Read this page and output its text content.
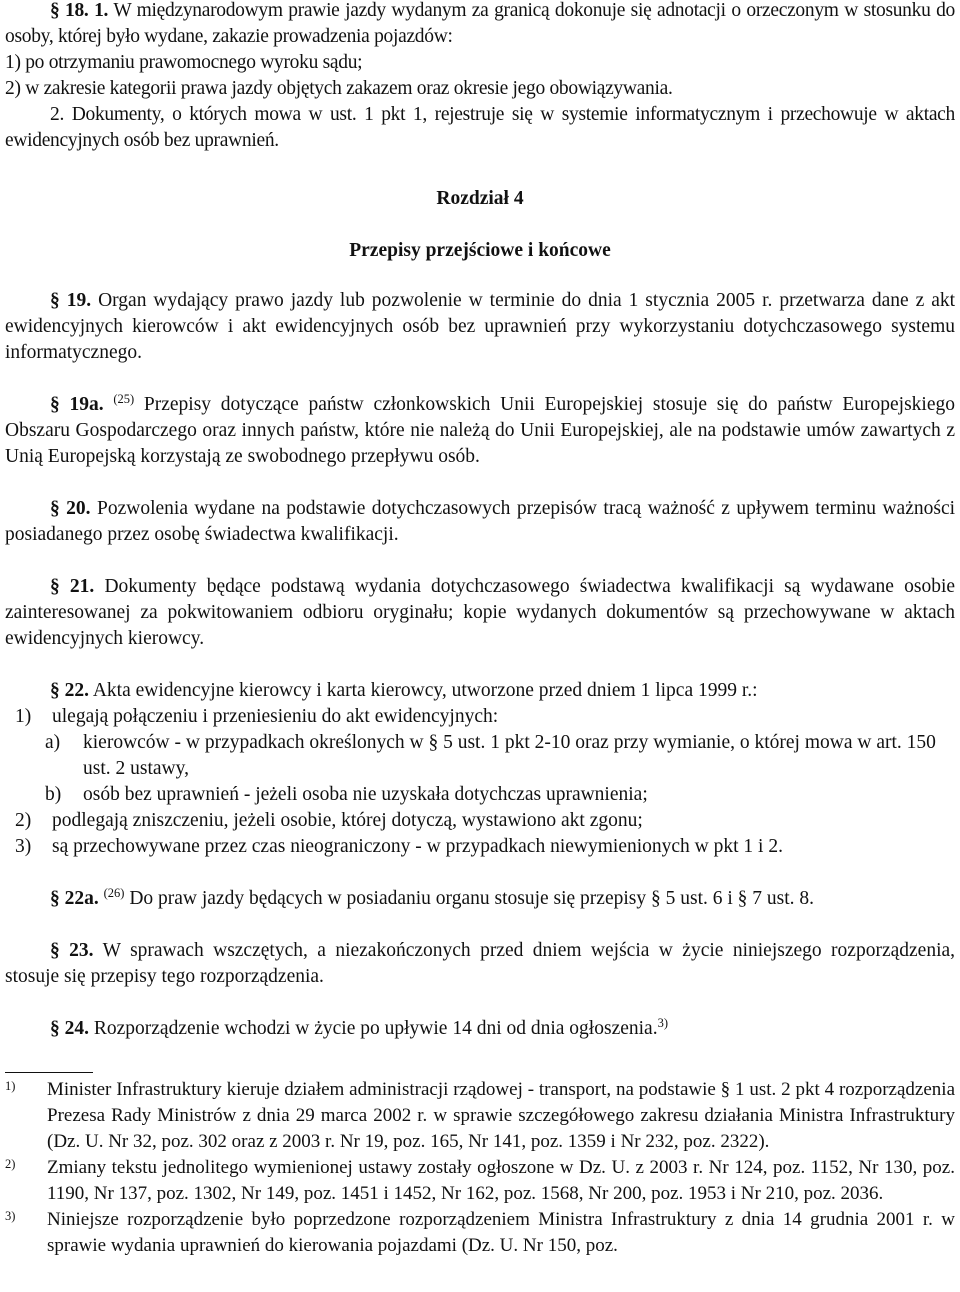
§ 18. 1. W międzynarodowym prawie jazdy wydanym za granicą dokonuje się adnotacji o orzeczonym w stosunku do osoby, której było wydane, zakazie prowadzenia pojazdów:

1) po otrzymaniu prawomocnego wyroku sądu;

2) w zakresie kategorii prawa jazdy objętych zakazem oraz okresie jego obowiązywania.

2. Dokumenty, o których mowa w ust. 1 pkt 1, rejestruje się w systemie informatycznym i przechowuje w aktach ewidencyjnych osób bez uprawnień.

Rozdział 4

Przepisy przejściowe i końcowe

§ 19. Organ wydający prawo jazdy lub pozwolenie w terminie do dnia 1 stycznia 2005 r. przetwarza dane z akt ewidencyjnych kierowców i akt ewidencyjnych osób bez uprawnień przy wykorzystaniu dotychczasowego systemu informatycznego.

§ 19a. $^{(25)}$ Przepisy dotyczące państw członkowskich Unii Europejskiej stosuje się do państw Europejskiego Obszaru Gospodarczego oraz innych państw, które nie należą do Unii Europejskiej, ale na podstawie umów zawartych z Unią Europejską korzystają ze swobodnego przepływu osób.

§ 20. Pozwolenia wydane na podstawie dotychczasowych przepisów tracą ważność z upływem terminu ważności posiadanego przez osobę świadectwa kwalifikacji.

§ 21. Dokumenty będące podstawą wydania dotychczasowego świadectwa kwalifikacji są wydawane osobie zainteresowanej za pokwitowaniem odbioru oryginału; kopie wydanych dokumentów są przechowywane w aktach ewidencyjnych kierowcy.

§ 22. Akta ewidencyjne kierowcy i karta kierowcy, utworzone przed dniem 1 lipca 1999 r.:

1)	ulegają połączeniu i przeniesieniu do akt ewidencyjnych:
a)	kierowców - w przypadkach określonych w § 5 ust. 1 pkt 2-10 oraz przy wymianie, o której mowa w art. 150 ust. 2 ustawy,
b)	osób bez uprawnień - jeżeli osoba nie uzyskała dotychczas uprawnienia;
2)	podlegają zniszczeniu, jeżeli osobie, której dotyczą, wystawiono akt zgonu;
3)	są przechowywane przez czas nieograniczony - w przypadkach niewymienionych w pkt 1 i 2.

§ 22a. $^{(26)}$ Do praw jazdy będących w posiadaniu organu stosuje się przepisy § 5 ust. 6 i § 7 ust. 8.

§ 23. W sprawach wszczętych, a niezakończonych przed dniem wejścia w życie niniejszego rozporządzenia, stosuje się przepisy tego rozporządzenia.

§ 24. Rozporządzenie wchodzi w życie po upływie 14 dni od dnia ogłoszenia.$^{3)}$

1)	Minister Infrastruktury kieruje działem administracji rządowej - transport, na podstawie § 1 ust. 2 pkt 4 rozporządzenia Prezesa Rady Ministrów z dnia 29 marca 2002 r. w sprawie szczegółowego zakresu działania Ministra Infrastruktury (Dz. U. Nr 32, poz. 302 oraz z 2003 r. Nr 19, poz. 165, Nr 141, poz. 1359 i Nr 232, poz. 2322).
2)	Zmiany tekstu jednolitego wymienionej ustawy zostały ogłoszone w Dz. U. z 2003 r. Nr 124, poz. 1152, Nr 130, poz. 1190, Nr 137, poz. 1302, Nr 149, poz. 1451 i 1452, Nr 162, poz. 1568, Nr 200, poz. 1953 i Nr 210, poz. 2036.
3)	Niniejsze rozporządzenie było poprzedzone rozporządzeniem Ministra Infrastruktury z dnia 14 grudnia 2001 r. w sprawie wydania uprawnień do kierowania pojazdami (Dz. U. Nr 150, poz.
